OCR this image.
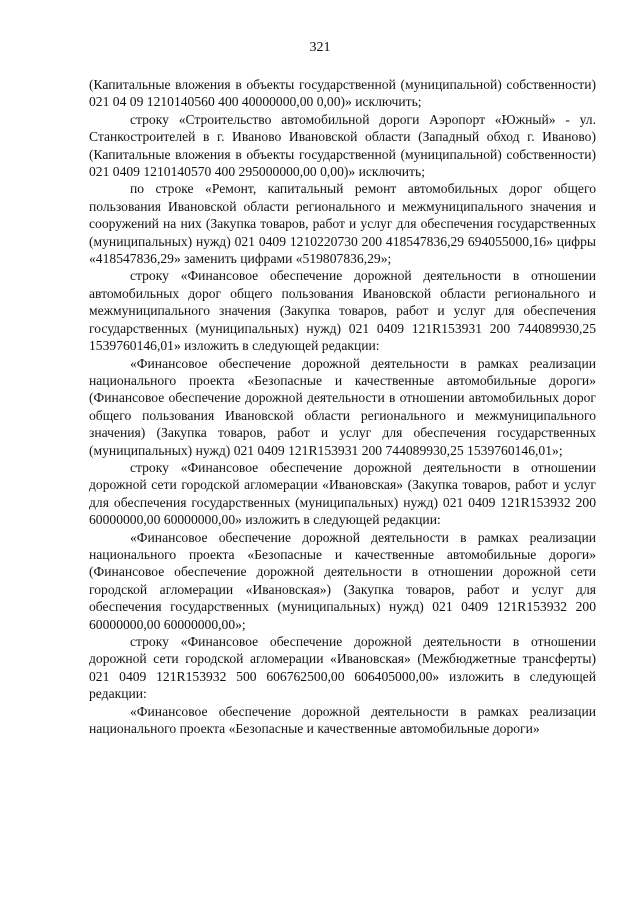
321

(Капитальные вложения в объекты государственной (муниципальной) собственности) 021 04 09 1210140560 400 40000000,00 0,00)» исключить;

строку «Строительство автомобильной дороги Аэропорт «Южный» - ул. Станкостроителей в г. Иваново Ивановской области (Западный обход г. Иваново) (Капитальные вложения в объекты государственной (муниципальной) собственности) 021 0409 1210140570 400 295000000,00 0,00)» исключить;

по строке «Ремонт, капитальный ремонт автомобильных дорог общего пользования Ивановской области регионального и межмуниципального значения и сооружений на них (Закупка товаров, работ и услуг для обеспечения государственных (муниципальных) нужд) 021 0409 1210220730 200 418547836,29 694055000,16» цифры «418547836,29» заменить цифрами «519807836,29»;

строку «Финансовое обеспечение дорожной деятельности в отношении автомобильных дорог общего пользования Ивановской области регионального и межмуниципального значения (Закупка товаров, работ и услуг для обеспечения государственных (муниципальных) нужд) 021 0409 121R153931 200 744089930,25 1539760146,01» изложить в следующей редакции:

«Финансовое обеспечение дорожной деятельности в рамках реализации национального проекта «Безопасные и качественные автомобильные дороги» (Финансовое обеспечение дорожной деятельности в отношении автомобильных дорог общего пользования Ивановской области регионального и межмуниципального значения) (Закупка товаров, работ и услуг для обеспечения государственных (муниципальных) нужд) 021 0409 121R153931 200 744089930,25 1539760146,01»;

строку «Финансовое обеспечение дорожной деятельности в отношении дорожной сети городской агломерации «Ивановская» (Закупка товаров, работ и услуг для обеспечения государственных (муниципальных) нужд) 021 0409 121R153932 200 60000000,00 60000000,00» изложить в следующей редакции:

«Финансовое обеспечение дорожной деятельности в рамках реализации национального проекта «Безопасные и качественные автомобильные дороги» (Финансовое обеспечение дорожной деятельности в отношении дорожной сети городской агломерации «Ивановская») (Закупка товаров, работ и услуг для обеспечения государственных (муниципальных) нужд) 021 0409 121R153932 200 60000000,00 60000000,00»;

строку «Финансовое обеспечение дорожной деятельности в отношении дорожной сети городской агломерации «Ивановская» (Межбюджетные трансферты) 021 0409 121R153932 500 606762500,00 606405000,00» изложить в следующей редакции:

«Финансовое обеспечение дорожной деятельности в рамках реализации национального проекта «Безопасные и качественные автомобильные дороги»
